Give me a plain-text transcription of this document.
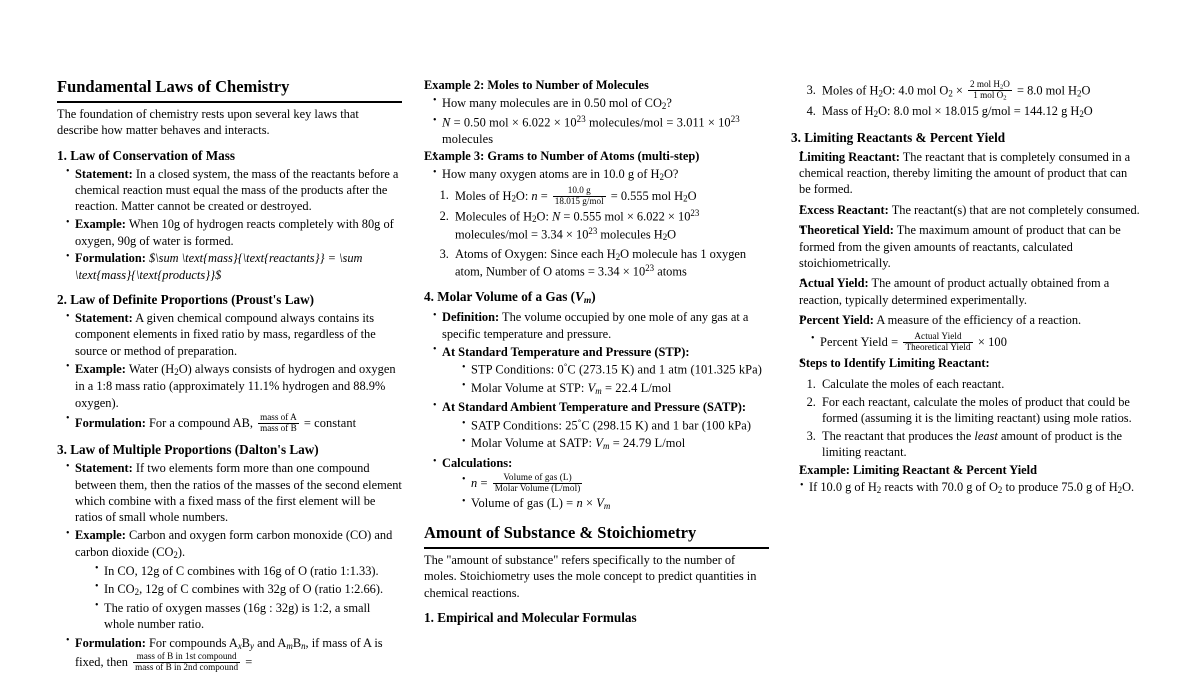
Fundamental Laws of Chemistry

The foundation of chemistry rests upon several key laws that describe how matter behaves and interacts.

1. Law of Conservation of Mass
• Statement: In a closed system, the mass of the reactants before a chemical reaction must equal the mass of the products after the reaction. Matter cannot be created or destroyed.
• Example: When 10g of hydrogen reacts completely with 80g of oxygen, 90g of water is formed.
• Formulation: $\sum \text{mass}{\text{reactants}} = \sum \text{mass}{\text{products}}$
2. Law of Definite Proportions (Proust's Law)
• Statement: A given chemical compound always contains its component elements in fixed ratio by mass, regardless of the source or method of preparation.
• Example: Water $(H_2O)$ always consists of hydrogen and oxygen in a 1:8 mass ratio (approximately 11.1% hydrogen and 88.9% oxygen).
• Formulation: For a compound AB, $\frac{\text{mass of A}}{\text{mass of B}}$ = constant
3. Law of Multiple Proportions (Dalton's Law)
• Statement: If two elements form more than one compound between them, then the ratios of the masses of the second element which combine with a fixed mass of the first element will be ratios of small whole numbers.
• Example: Carbon and oxygen form carbon monoxide (CO) and carbon dioxide $(CO_2)$.
• In CO, 12g of C combines with 16g of O (ratio 1:1.33).
• In $CO_2$, 12g of C combines with 32g of O (ratio 1:2.66).
• The ratio of oxygen masses (16g : 32g) is 1:2, a small whole number ratio.
• Formulation: For compounds $A_xB_y$ and $A_mB_n$, if mass of A is fixed, then $\frac{\text{mass of B in 1st compound}}{\text{mass of B in 2nd compound}}$ =
Example 2: Moles to Number of Molecules
• How many molecules are in 0.50 mol of $CO_2$?
• N = 0.50 mol × $6.022 \times 10^{23}$ molecules/mol = $3.011 \times 10^{23}$ molecules
Example 3: Grams to Number of Atoms (multi-step)
• How many oxygen atoms are in 10.0 g of $H_2O$?
1. Moles of $H_2O$: $n = \frac{10.0 g}{\text{18.015 g/mol}} = 0.555$ mol $H_2O$
2. Molecules of $H_2O$: N = 0.555 mol × $6.022 \times 10^{23}$ molecules/mol = $3.34 \times 10^{23}$ molecules $H_2O$
3. Atoms of Oxygen: Since each $H_2O$ molecule has 1 oxygen atom, Number of O atoms = $3.34 \times 10^{23}$ atoms
4. Molar Volume of a Gas $(V_m)$
• Definition: The volume occupied by one mole of any gas at a specific temperature and pressure.
• At Standard Temperature and Pressure (STP):
• STP Conditions: 0°C (273.15 K) and 1 atm (101.325 kPa)
• Molar Volume at STP: $V_m = 22.4$ L/mol
• At Standard Ambient Temperature and Pressure (SATP):
• SATP Conditions: 25°C (298.15 K) and 1 bar (100 kPa)
• Molar Volume at SATP: $V_m = 24.79$ L/mol
• Calculations:
• $n = \frac{\text{Volume of gas (L)}}{\text{Molar Volume (L/mol)}}$
• Volume of gas $(L) = n \times V_m$
Amount of Substance & Stoichiometry

The "amount of substance" refers specifically to the number of moles. Stoichiometry uses the mole concept to predict quantities in chemical reactions.

1. Empirical and Molecular Formulas
3. Moles of $H_2O$: 4.0 mol $O_2 \times \frac{2 mol H_2O}{1 mol O_2} = 8.0$ mol $H_2O$
4. Mass of $H_2O$: 8.0 mol × 18.015 g/mol = 144.12 g $H_2O$
3. Limiting Reactants & Percent Yield

Limiting Reactant: The reactant that is completely consumed in a chemical reaction, thereby limiting the amount of product that can be formed.

Excess Reactant: The reactant(s) that are not completely consumed.

Theoretical Yield: The maximum amount of product that can be formed from the given amounts of reactants, calculated stoichiometrically.

Actual Yield: The amount of product actually obtained from a reaction, typically determined experimentally.

Percent Yield: A measure of the efficiency of a reaction.

• Percent Yield = $\frac{\text{Actual Yield}}{\text{Theoretical Yield}} \times 100$

Steps to Identify Limiting Reactant:

1. Calculate the moles of each reactant.
2. For each reactant, calculate the moles of product that could be formed (assuming it is the limiting reactant) using mole ratios.
3. The reactant that produces the least amount of product is the limiting reactant.
Example: Limiting Reactant & Percent Yield
• If 10.0 g of $H_2$ reacts with 70.0 g of $O_2$ to produce 75.0 g of $H_2O$.
